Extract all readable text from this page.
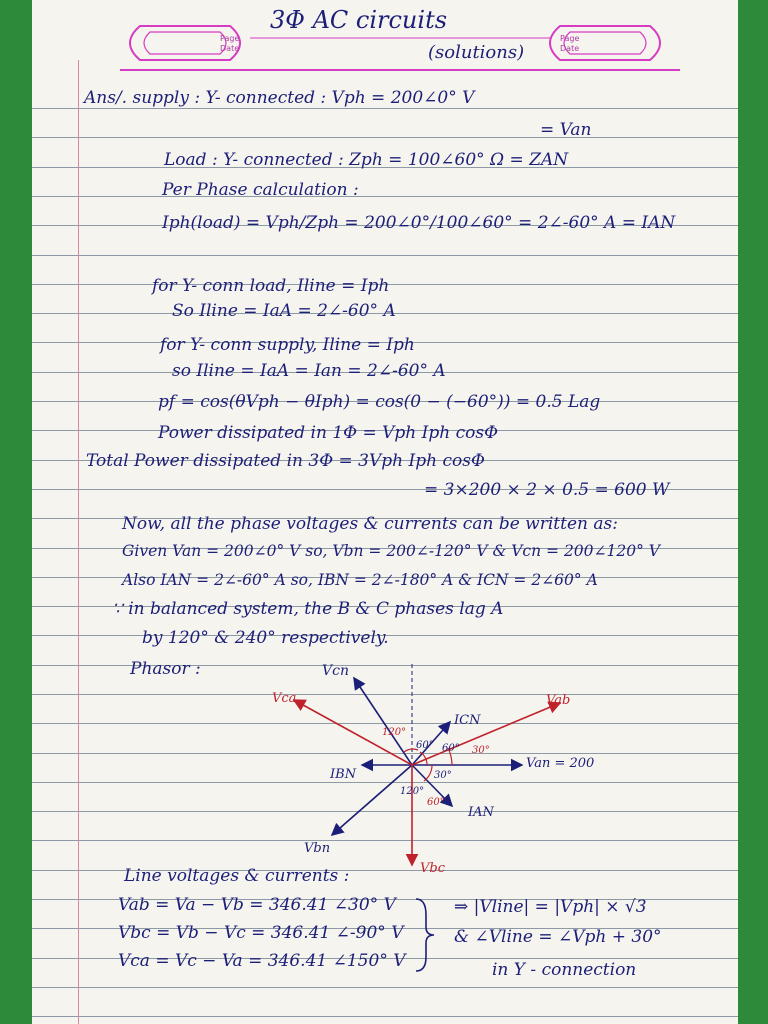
Page
Date
Page
Date
3Φ AC circuits
(solutions)
Ans/. supply : Y- connected : Vph = 200∠0° V
= Van
Load : Y- connected : Zph = 100∠60° Ω = ZAN
Per Phase calculation :
Iph(load) = Vph/Zph = 200∠0°/100∠60° = 2∠-60° A = IAN
for Y- conn load, Iline = Iph
So Iline = IaA = 2∠-60° A
for Y- conn supply, Iline = Iph
so Iline = IaA = Ian = 2∠-60° A
pf = cos(θVph − θIph) = cos(0 − (−60°)) = 0.5 Lag
Power dissipated in 1Φ = Vph Iph cosΦ
Total Power dissipated in 3Φ = 3Vph Iph cosΦ
= 3×200 × 2 × 0.5 = 600 W
Now, all the phase voltages & currents can be written as:
Given Van = 200∠0° V so, Vbn = 200∠-120° V & Vcn = 200∠120° V
Also IAN = 2∠-60° A so, IBN = 2∠-180° A & ICN = 2∠60° A
∵ in balanced system, the B & C phases lag A
by 120° & 240° respectively.
Phasor :
Line voltages & currents :
Vab = Va − Vb = 346.41 ∠30° V
Vbc = Vb − Vc = 346.41 ∠-90° V
Vca = Vc − Va = 346.41 ∠150° V
⇒ |Vline| = |Vph| × √3
& ∠Vline = ∠Vph + 30°
in Y - connection
Vcn
Vca	Vab
ICN
IBN
Van = 200
IAN
Vbn
Vbc
120°
60°	30°
60°
30°
120°
60°
